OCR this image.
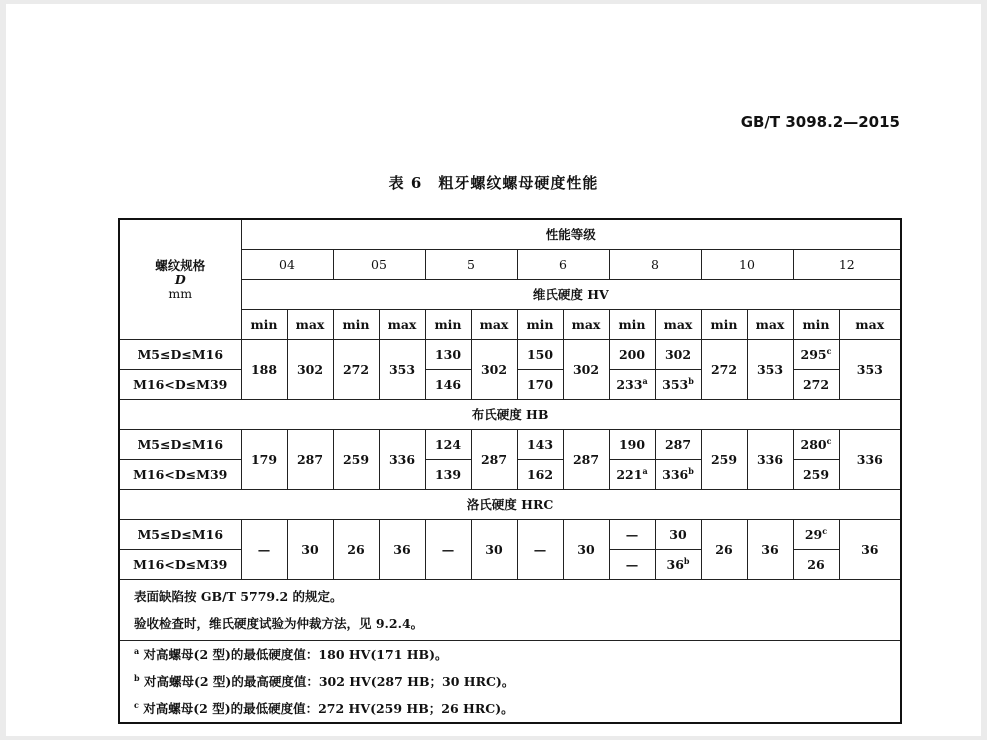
GB/T 3098.2—2015
表 6　粗牙螺纹螺母硬度性能
螺纹规格
D
mm	性能等级													
	04		05		5		6		8		10		12	
	维氏硬度 HV													
	min	max	min	max	min	max	min	max	min	max	min	max	min	max
M5≤D≤M16	188	302	272	353	130	302	150	302	200	302	272	353	295$^c$	353
M16<D≤M39					146		170		233$^a$	353$^b$			272	
布氏硬度 HB														
M5≤D≤M16	179	287	259	336	124	287	143	287	190	287	259	336	280$^c$	336
M16<D≤M39					139		162		221$^a$	336$^b$			259	
洛氏硬度 HRC														
M5≤D≤M16	—	30	26	36	—	30	—	30	—	30	26	36	29$^c$	36
M16<D≤M39									—	36$^b$			26	

表面缺陷按 GB/T 5779.2 的规定。
验收检查时，维氏硬度试验为仲裁方法，见 9.2.4。														

$^a$ 对高螺母(2 型)的最低硬度值：180 HV(171 HB)。
$^b$ 对高螺母(2 型)的最高硬度值：302 HV(287 HB；30 HRC)。
$^c$ 对高螺母(2 型)的最低硬度值：272 HV(259 HB；26 HRC)。														
